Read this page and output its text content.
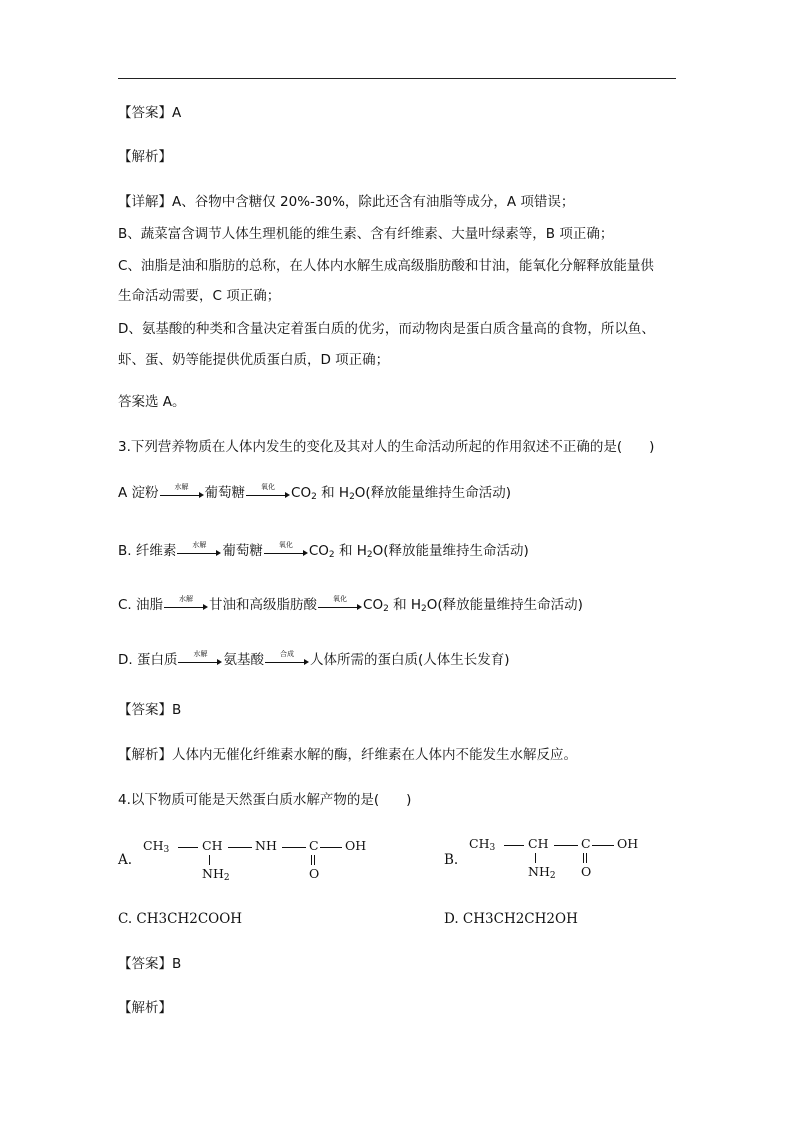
【答案】A
【解析】
【详解】A、谷物中含糖仅 20%-30%，除此还含有油脂等成分，A 项错误；
B、蔬菜富含调节人体生理机能的维生素、含有纤维素、大量叶绿素等，B 项正确；
C、油脂是油和脂肪的总称，在人体内水解生成高级脂肪酸和甘油，能氧化分解释放能量供
生命活动需要，C 项正确；
D、氨基酸的种类和含量决定着蛋白质的优劣，而动物肉是蛋白质含量高的食物，所以鱼、
虾、蛋、奶等能提供优质蛋白质，D 项正确；
答案选 A。
3.下列营养物质在人体内发生的变化及其对人的生命活动所起的作用叙述不正确的是(　　)
A 淀粉	水解	葡萄糖	氧化	$CO_2$ 和 $H_2O$(释放能量维持生命活动)
B. 纤维素	水解	葡萄糖	氧化	$CO_2$ 和 $H_2O$(释放能量维持生命活动)
C. 油脂	水解	甘油和高级脂肪酸	氧化	$CO_2$ 和 $H_2O$(释放能量维持生命活动)
D. 蛋白质	水解	氨基酸	合成	人体所需的蛋白质(人体生长发育)
【答案】B
【解析】人体内无催化纤维素水解的酶，纤维素在人体内不能发生水解反应。
4.以下物质可能是天然蛋白质水解产物的是(　　)
A.
$CH_3$	CH	NH	C OH
$NH_2$	O
B.
$CH_3$	CH	C OH
$NH_2$ O
C. CH3CH2COOH	D. CH3CH2CH2OH
【答案】B
【解析】
